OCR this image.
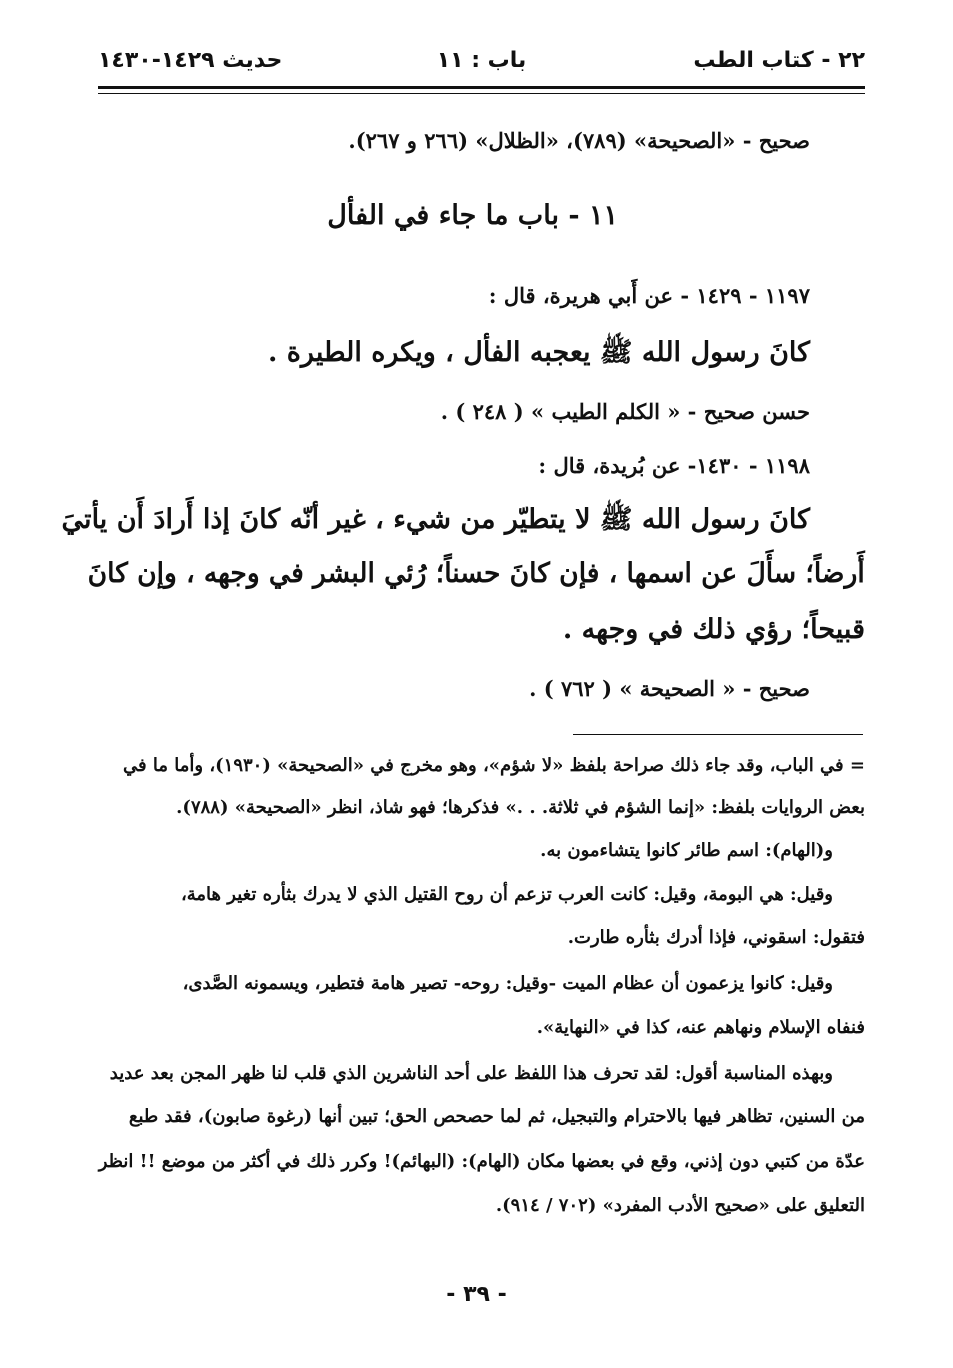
٢٢ - كتاب الطب
باب : ١١
حديث ١٤٢٩-١٤٣٠
صحيح - «الصحيحة» (٧٨٩)، «الظلال» (٢٦٦ و ٢٦٧).
١١ - باب ما جاء في الفأل
١١٩٧ - ١٤٢٩ - عن أَبي هريرة، قال :
كانَ رسول الله ﷺ يعجبه الفأل ، ويكره الطيرة .
حسن صحيح - « الكلم الطيب » ( ٢٤٨ ) .
١١٩٨ - ١٤٣٠- عن بُريدة، قال :
كانَ رسول الله ﷺ لا يتطيّر من شيء ، غير أنّه كانَ إذا أَرادَ أَن يأتيَ
أَرضاً؛ سأَلَ عن اسمها ، فإن كانَ حسناً؛ رُئي البشر في وجهه ، وإن كانَ
قبيحاً؛ رؤي ذلك في وجهه .
صحيح - « الصحيحة » ( ٧٦٢ ) .
= في الباب، وقد جاء ذلك صراحة بلفظ «لا شؤم»، وهو مخرج في «الصحيحة» (١٩٣٠)، وأما ما في
بعض الروايات بلفظ: «إنما الشؤم في ثلاثة. . .» فذكرها؛ فهو شاذ، انظر «الصحيحة» (٧٨٨).
و(الهام): اسم طائر كانوا يتشاءمون به.
وقيل: هي البومة، وقيل: كانت العرب تزعم أن روح القتيل الذي لا يدرك بثأره تغير هامة،
فتقول: اسقوني، فإذا أدرك بثأره طارت.
وقيل: كانوا يزعمون أن عظام الميت -وقيل: روحه- تصير هامة فتطير، ويسمونه الصَّدى،
فنفاه الإسلام ونهاهم عنه، كذا في «النهاية».
وبهذه المناسبة أقول: لقد تحرف هذا اللفظ على أحد الناشرين الذي قلب لنا ظهر المجن بعد عديد
من السنين، تظاهر فيها بالاحترام والتبجيل، ثم لما حصحص الحق؛ تبين أنها (رغوة صابون)، فقد طبع
عدّة من كتبي دون إذني، وقع في بعضها مكان (الهام): (البهائم)! وكرر ذلك في أكثر من موضع !! انظر
التعليق على «صحيح الأدب المفرد» (٧٠٢ / ٩١٤).
- ٣٩ -
